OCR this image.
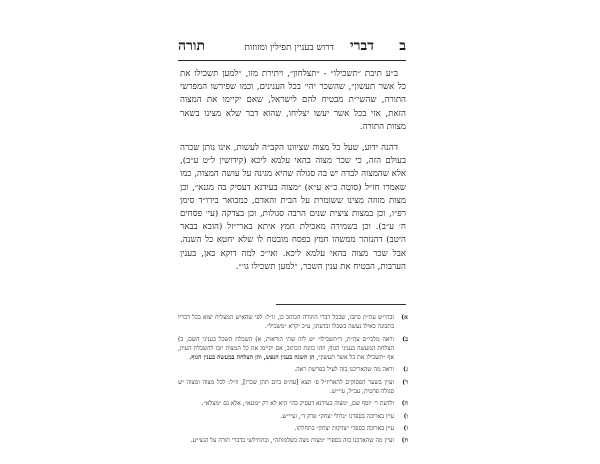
ב
דברי
דרוש בעניין תפילין ומזוזות
תורה

ב״ע תיבת ״תשכילו״ - ״תצלחון״, ויתירת מזו, ״למען תשכילו את כל אשר תעשון״, שהשכר יהי׳ בכל הענינים, וכמו שפירשו המפרשי התורה, שהשי״ת מבטיח להם לישראל, שאם יקיימו את המצוה הזאת, אזי בכל אשר יעשו יצליחו, שהוא דבר שלא מצינו בשאר מצוות התורה.

דהנה ידוע, שעל כל מצוה שציוונו הקב״ה לעשות, אינו נותן שכרה בעולם הזה, כי שכר מצוה בהאי עלמא ליכא (קידושין ל״ט ע״ב), אלא שהמצוה לבדה יש בה סגולה שהיא מגינה על עושה המצוה, כמו שאמרו חז״ל (סוטה כ״א ע״א) ״מצוה בעידנא דעסיק בה מגנא״, וכן מצות מזוזה מצינו ששומרת על הבית והאדם, כמבואר בירו״ד סימן רפ״ו, וכן במצות ציצית שנים הרבה סגולות, וכן בצדקה (עי׳ פסחים ח׳ ע״ב). וכן בשמירה מאכילת חמץ איתא בארי״זל (הובא בבאר היטב) דהנזהר ממשהו חמץ בפסח מובטח לו שלא יחטא כל השנה. אבל שכר מצוה בהאי עלמא ליכא. ואי״כ למה דוקא כאן, בענין הערבות, הבטיח את ענין השכר, ״למען תשכילו גו׳״.

א)
ובהי״ש עה״ת כתבו, שבכל דברי התורה הכתוב כן, וז״ל: לפי שהאיש המצליח יצוא בכל דבריו בתבונה כאילו נעשה בשכלו ובדעתו, ע״כ יקרא ״משכיל״.
ב)
וראה מלבי״ם עה״ת, ד״תשכילו״ יש לזה שתי הוראות, א) השכלת השכל בעניני השם, ב) הצלחת המעשה בעניני הגוף, וזהו כוונת הכתוב, אם יקיימו את כל המצות יזכו להשכלת העיון, אף ״תשכילו את כל אשר תעשון״, הן השגה בענין הנפש, והן הצלחה במעשה בענין הגוף.
ג)
וראה מה שהאריכנו בזה לעיל בפרשת ראה.
ד)
ועיין בשער הפסוקים להאריז״ל פ׳ תצא [עה״פ ביום תתן שכרו], וז״ל: לכל מצוה ומצוה יש סגולה פרטית, עכ״ל, עיי״ש.
ה)
ולדעת ר׳ יוסף שם, ״מצוה בעידנא דעסיק בה״ היא לא רק ״מגנא״, אלא גם ״מצלא״.
ו)
עיין בארוכה בספרנו ״גדולי יצחק״ פרק ד׳, ועיי״ש.
ז)
עיין בארוכה בספרי ״צדקות יצחק״ בתחלתו.
ח)
ועיין מה שהארכנו בזה בספרי ״מצות מצה בשלמותה״, ובתחילשי בדברי תורה על הנצי״ע.
